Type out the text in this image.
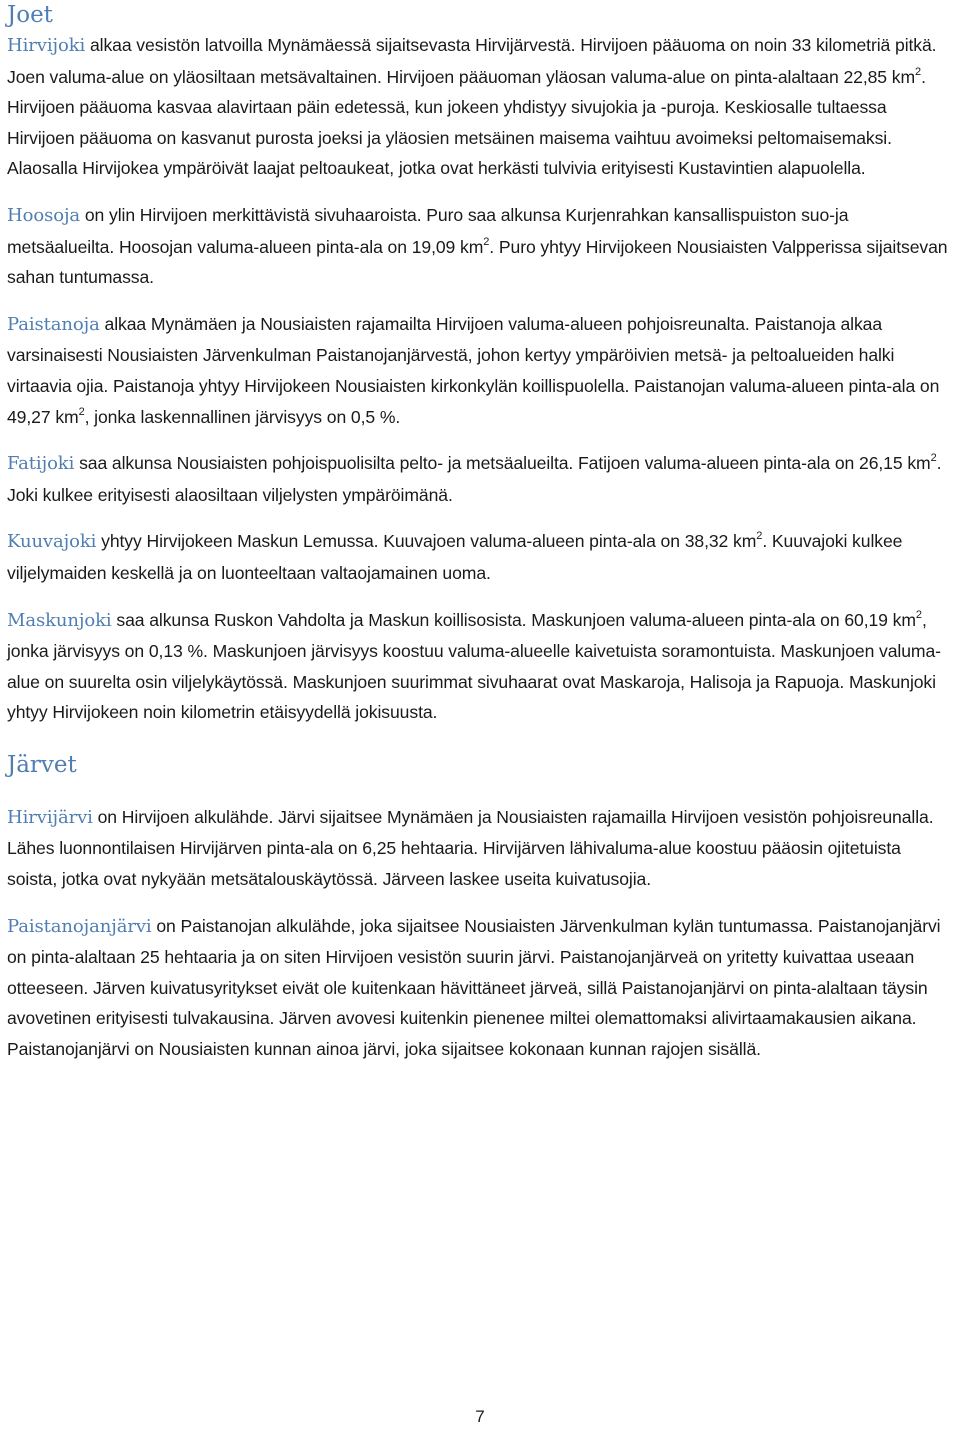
Joet

Hirvijoki alkaa vesistön latvoilla Mynämäessä sijaitsevasta Hirvijärvestä. Hirvijoen pääuoma on noin 33 kilometriä pitkä. Joen valuma-alue on yläosiltaan metsävaltainen. Hirvijoen pääuoman yläosan valuma-alue on pinta-alaltaan 22,85 $km^2$. Hirvijoen pääuoma kasvaa alavirtaan päin edetessä, kun jokeen yhdistyy sivujokia ja -puroja. Keskiosalle tultaessa Hirvijoen pääuoma on kasvanut purosta joeksi ja yläosien metsäinen maisema vaihtuu avoimeksi peltomaisemaksi. Alaosalla Hirvijokea ympäröivät laajat peltoaukeat, jotka ovat herkästi tulvivia erityisesti Kustavintien alapuolella.

Hoosoja on ylin Hirvijoen merkittävistä sivuhaaroista. Puro saa alkunsa Kurjenrahkan kansallispuiston suo-ja metsäalueilta. Hoosojan valuma-alueen pinta-ala on 19,09 $km^2$. Puro yhtyy Hirvijokeen Nousiaisten Valpperissa sijaitsevan sahan tuntumassa.

Paistanoja alkaa Mynämäen ja Nousiaisten rajamailta Hirvijoen valuma-alueen pohjoisreunalta. Paistanoja alkaa varsinaisesti Nousiaisten Järvenkulman Paistanojanjärvestä, johon kertyy ympäröivien metsä- ja peltoalueiden halki virtaavia ojia. Paistanoja yhtyy Hirvijokeen Nousiaisten kirkonkylän koillispuolella. Paistanojan valuma-alueen pinta-ala on 49,27 $km^2$, jonka laskennallinen järvisyys on 0,5 %.

Fatijoki saa alkunsa Nousiaisten pohjoispuolisilta pelto- ja metsäalueilta. Fatijoen valuma-alueen pinta-ala on 26,15 $km^2$. Joki kulkee erityisesti alaosiltaan viljelysten ympäröimänä.

Kuuvajoki yhtyy Hirvijokeen Maskun Lemussa. Kuuvajoen valuma-alueen pinta-ala on 38,32 $km^2$. Kuuvajoki kulkee viljelymaiden keskellä ja on luonteeltaan valtaojamainen uoma.

Maskunjoki saa alkunsa Ruskon Vahdolta ja Maskun koillisosista. Maskunjoen valuma-alueen pinta-ala on 60,19 $km^2$, jonka järvisyys on 0,13 %. Maskunjoen järvisyys koostuu valuma-alueelle kaivetuista soramontuista. Maskunjoen valuma-alue on suurelta osin viljelykäytössä. Maskunjoen suurimmat sivuhaarat ovat Maskaroja, Halisoja ja Rapuoja. Maskunjoki yhtyy Hirvijokeen noin kilometrin etäisyydellä jokisuusta.

Järvet

Hirvijärvi on Hirvijoen alkulähde. Järvi sijaitsee Mynämäen ja Nousiaisten rajamailla Hirvijoen vesistön pohjoisreunalla. Lähes luonnontilaisen Hirvijärven pinta-ala on 6,25 hehtaaria. Hirvijärven lähivaluma-alue koostuu pääosin ojitetuista soista, jotka ovat nykyään metsätalouskäytössä. Järveen laskee useita kuivatusojia.

Paistanojanjärvi on Paistanojan alkulähde, joka sijaitsee Nousiaisten Järvenkulman kylän tuntumassa. Paistanojanjärvi on pinta-alaltaan 25 hehtaaria ja on siten Hirvijoen vesistön suurin järvi. Paistanojanjärveä on yritetty kuivattaa useaan otteeseen. Järven kuivatusyritykset eivät ole kuitenkaan hävittäneet järveä, sillä Paistanojanjärvi on pinta-alaltaan täysin avovetinen erityisesti tulvakausina. Järven avovesi kuitenkin pienenee miltei olemattomaksi alivirtaamakausien aikana. Paistanojanjärvi on Nousiaisten kunnan ainoa järvi, joka sijaitsee kokonaan kunnan rajojen sisällä.

7
